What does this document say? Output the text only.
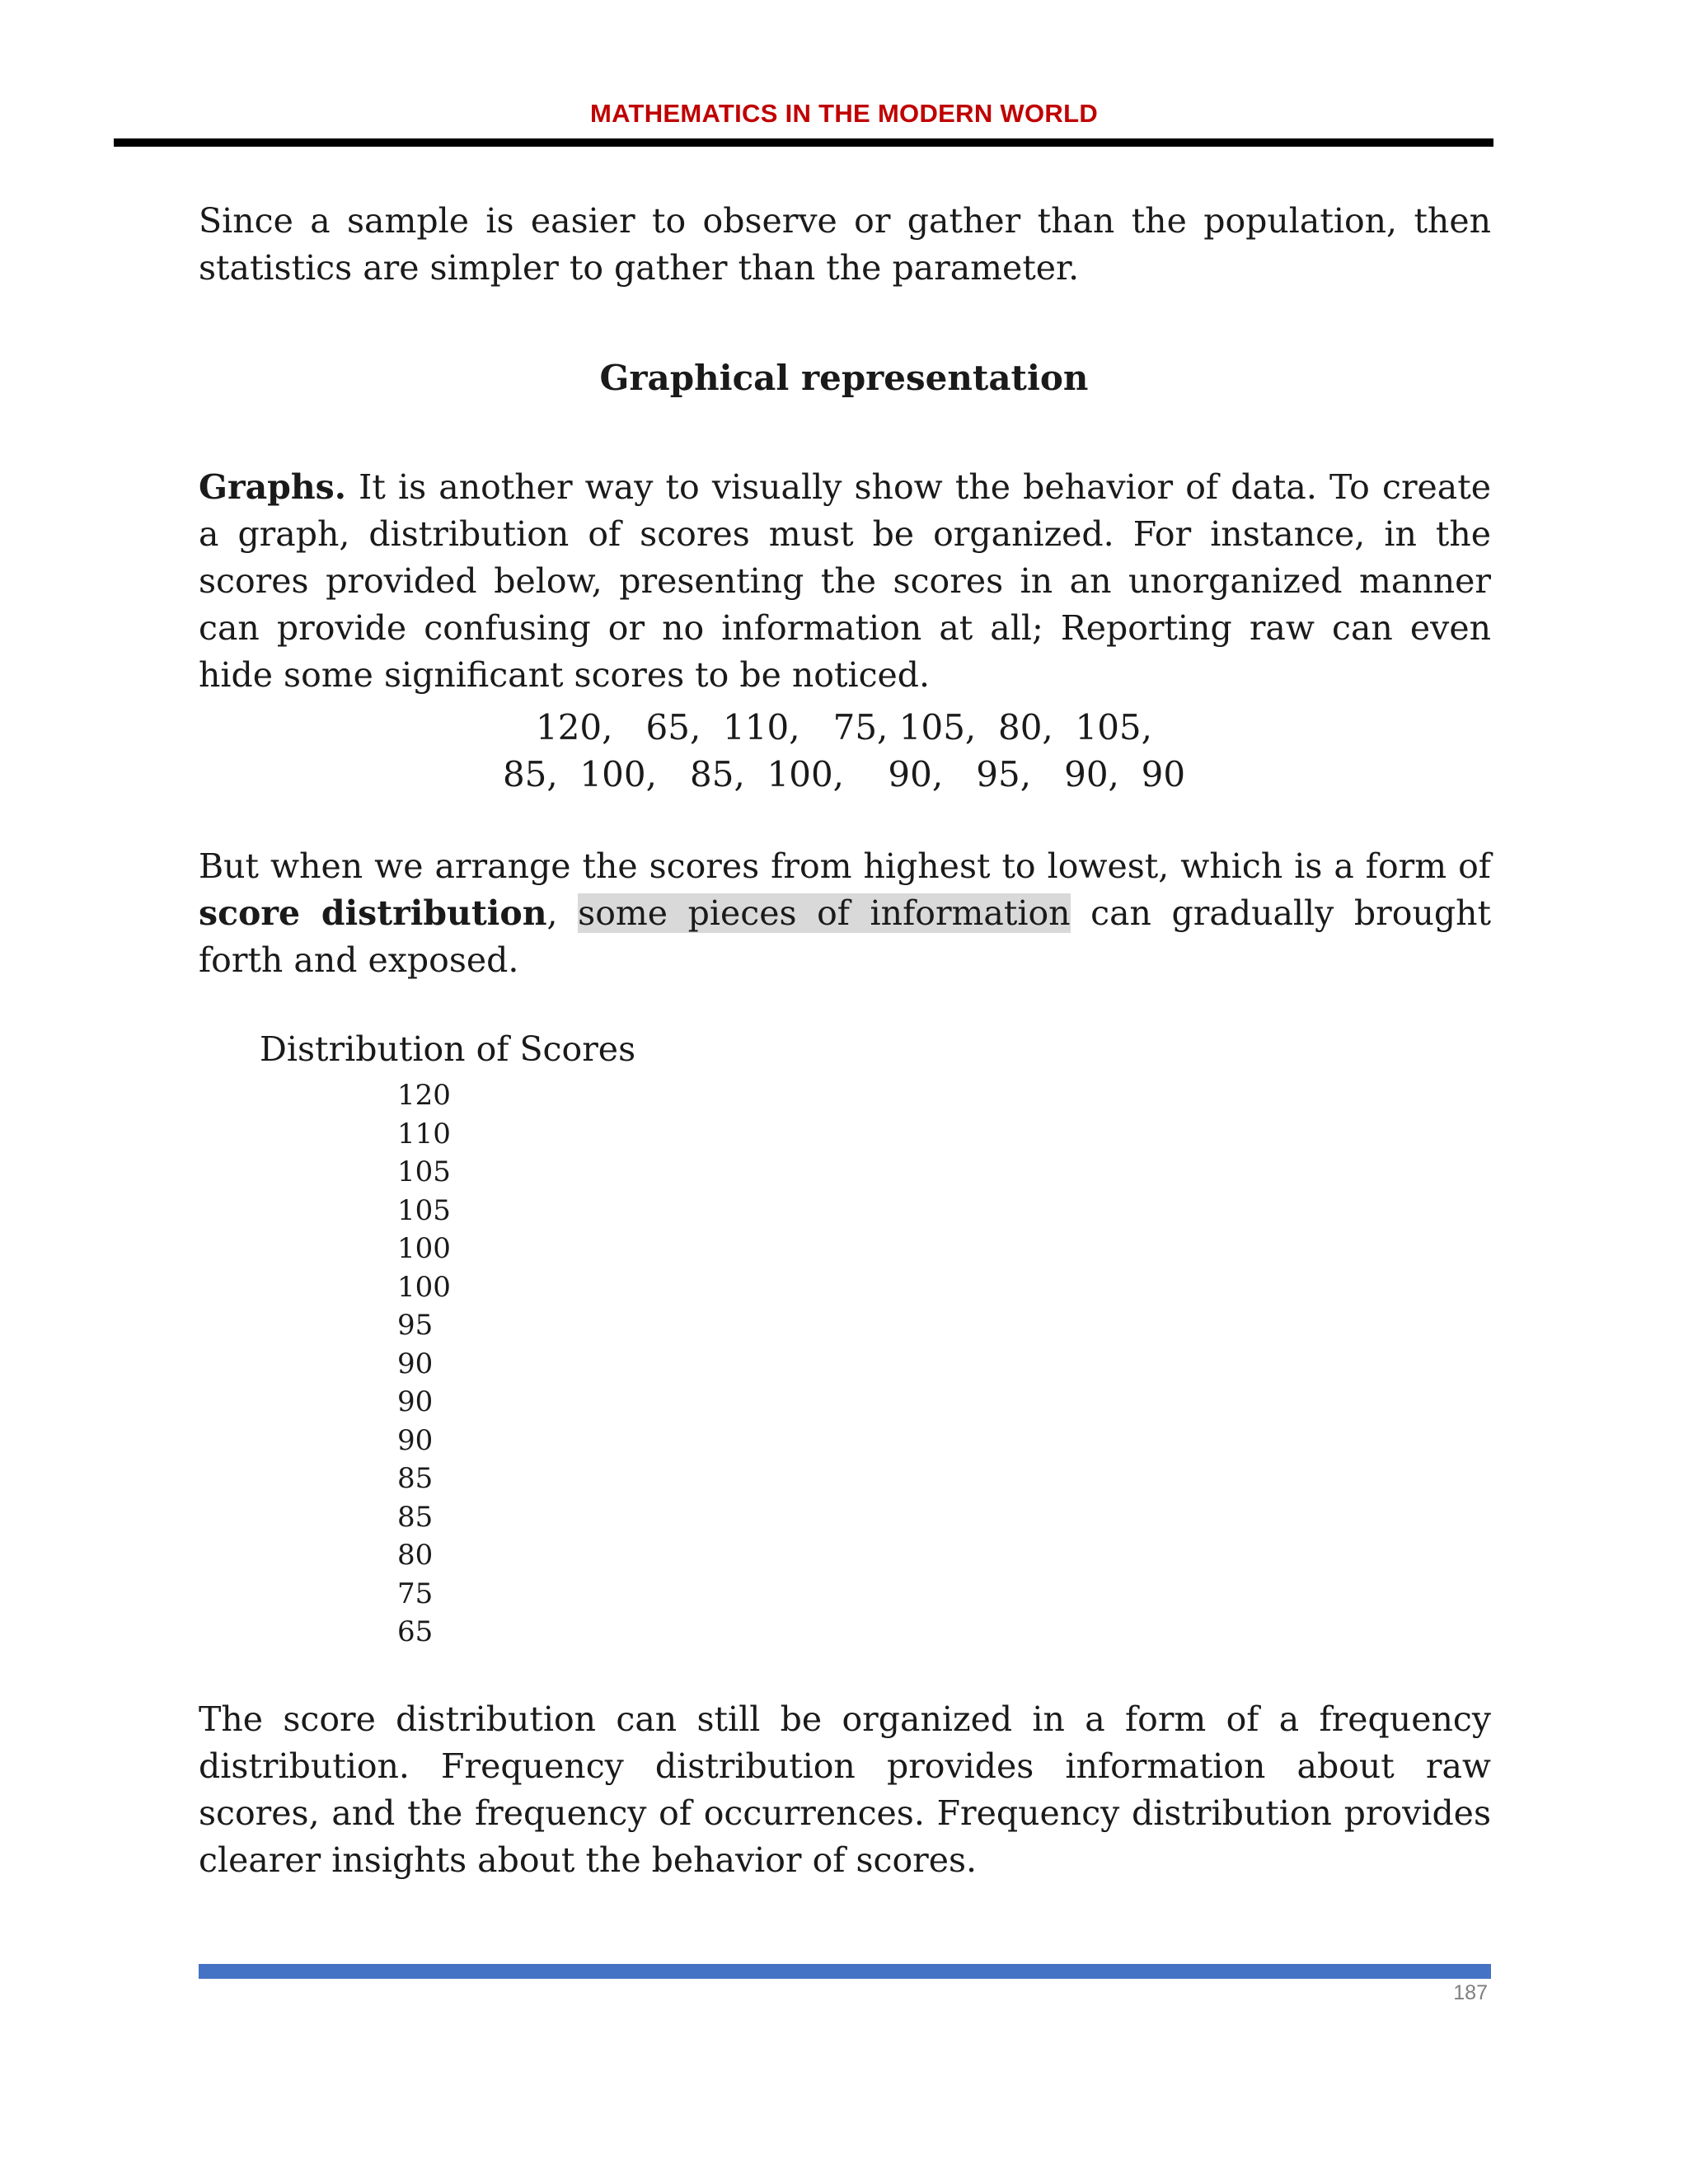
MATHEMATICS IN THE MODERN WORLD

Since a sample is easier to observe or gather than the population, then statistics are simpler to gather than the parameter.

Graphical representation

Graphs. It is another way to visually show the behavior of data. To create a graph, distribution of scores must be organized. For instance, in the scores provided below, presenting the scores in an unorganized manner can provide confusing or no information at all; Reporting raw can even hide some significant scores to be noticed.

120,   65,  110,   75, 105,  80,  105,
85,  100,   85,  100,    90,   95,   90,  90

But when we arrange the scores from highest to lowest, which is a form of score distribution, some pieces of information can gradually brought forth and exposed.

Distribution of Scores
120
110
105
105
100
100
95
90
90
90
85
85
80
75
65

The score distribution can still be organized in a form of a frequency distribution. Frequency distribution provides information about raw scores, and the frequency of occurrences. Frequency distribution provides clearer insights about the behavior of scores.

187
